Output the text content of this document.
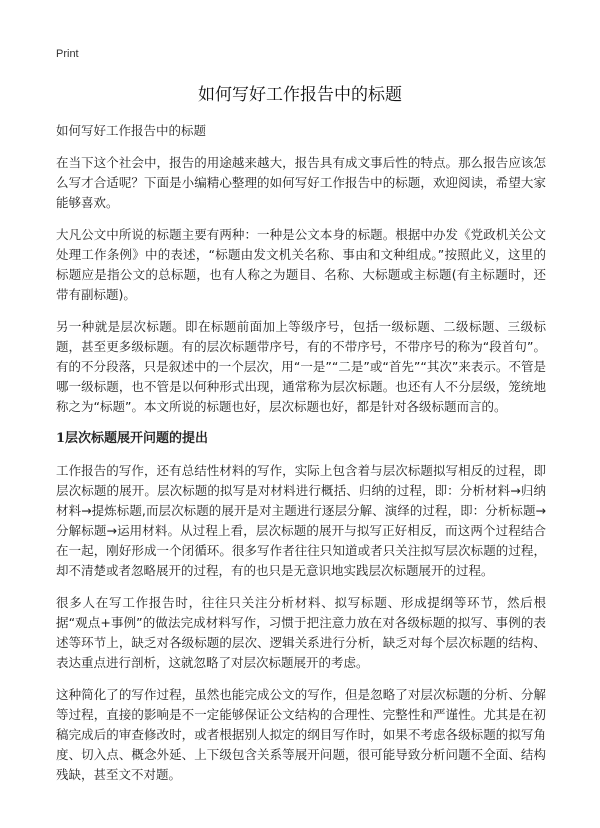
Print
如何写好工作报告中的标题

如何写好工作报告中的标题

在当下这个社会中，报告的用途越来越大，报告具有成文事后性的特点。那么报告应该怎么写才合适呢？下面是小编精心整理的如何写好工作报告中的标题，欢迎阅读，希望大家能够喜欢。

大凡公文中所说的标题主要有两种：一种是公文本身的标题。根据中办发《党政机关公文处理工作条例》中的表述，“标题由发文机关名称、事由和文种组成。”按照此义，这里的标题应是指公文的总标题，也有人称之为题目、名称、大标题或主标题(有主标题时，还带有副标题)。

另一种就是层次标题。即在标题前面加上等级序号，包括一级标题、二级标题、三级标题，甚至更多级标题。有的层次标题带序号，有的不带序号，不带序号的称为“段首句”。有的不分段落，只是叙述中的一个层次，用“一是”“二是”或“首先”“其次”来表示。不管是哪一级标题，也不管是以何种形式出现，通常称为层次标题。也还有人不分层级，笼统地称之为“标题”。本文所说的标题也好，层次标题也好，都是针对各级标题而言的。

1层次标题展开问题的提出

工作报告的写作，还有总结性材料的写作，实际上包含着与层次标题拟写相反的过程，即层次标题的展开。层次标题的拟写是对材料进行概括、归纳的过程，即：分析材料→归纳材料→提炼标题,而层次标题的展开是对主题进行逐层分解、演绎的过程，即：分析标题→分解标题→运用材料。从过程上看，层次标题的展开与拟写正好相反，而这两个过程结合在一起，刚好形成一个闭循环。很多写作者往往只知道或者只关注拟写层次标题的过程，却不清楚或者忽略展开的过程，有的也只是无意识地实践层次标题展开的过程。

很多人在写工作报告时，往往只关注分析材料、拟写标题、形成提纲等环节，然后根据“观点+事例”的做法完成材料写作，习惯于把注意力放在对各级标题的拟写、事例的表述等环节上，缺乏对各级标题的层次、逻辑关系进行分析，缺乏对每个层次标题的结构、表达重点进行剖析，这就忽略了对层次标题展开的考虑。

这种简化了的写作过程，虽然也能完成公文的写作，但是忽略了对层次标题的分析、分解等过程，直接的影响是不一定能够保证公文结构的合理性、完整性和严谨性。尤其是在初稿完成后的审查修改时，或者根据别人拟定的纲目写作时，如果不考虑各级标题的拟写角度、切入点、概念外延、上下级包含关系等展开问题，很可能导致分析问题不全面、结构残缺，甚至文不对题。
